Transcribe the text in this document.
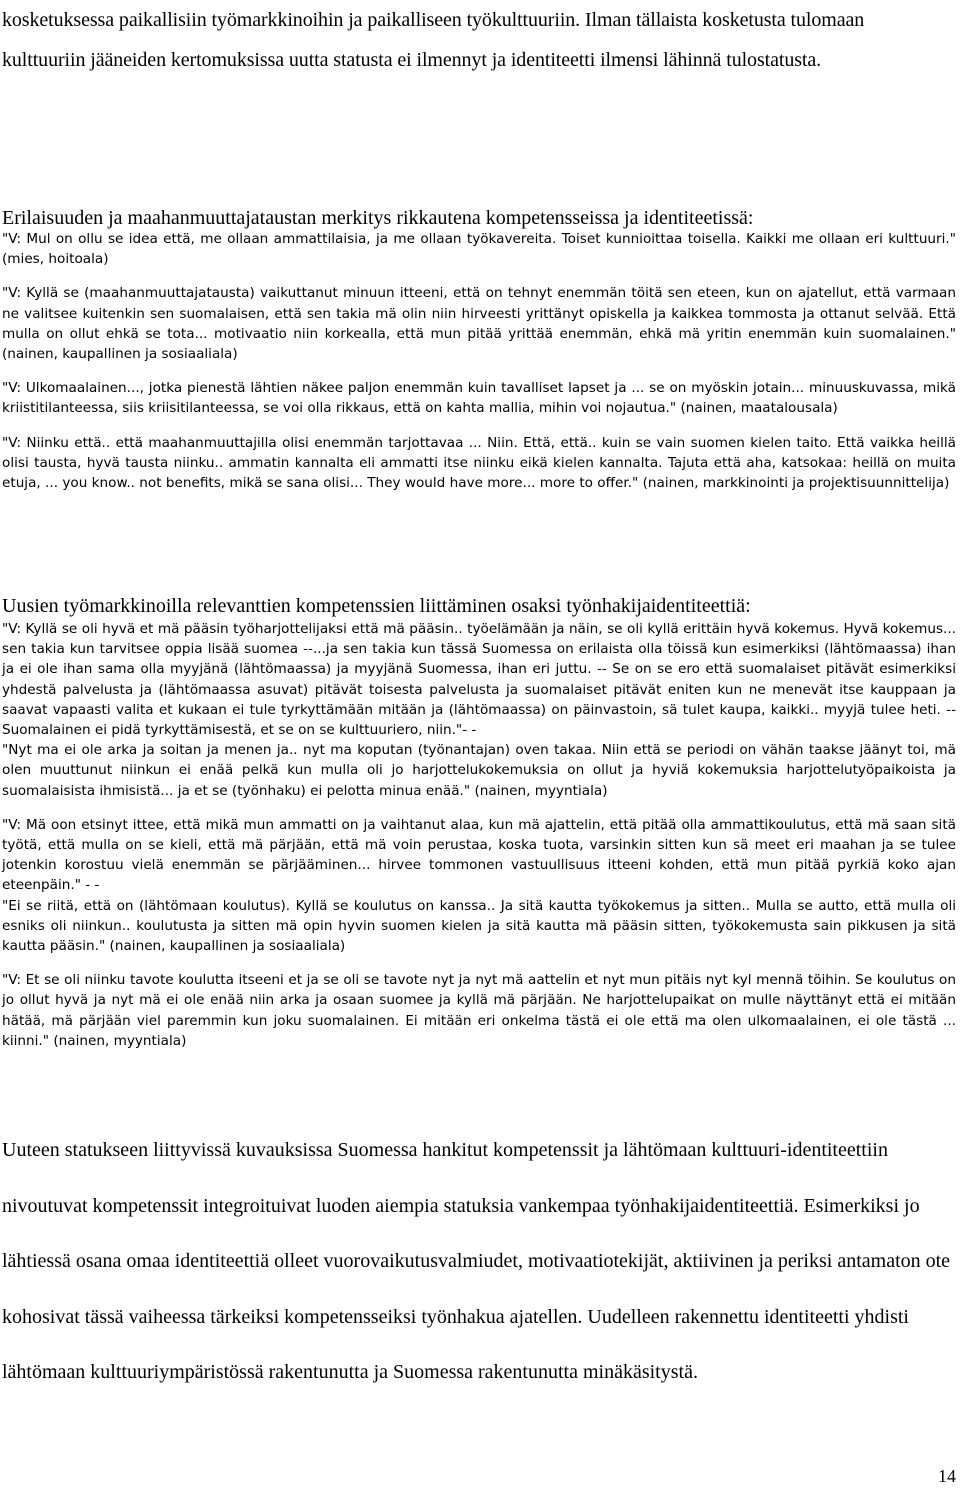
kosketuksessa paikallisiin työmarkkinoihin ja paikalliseen työkulttuuriin. Ilman tällaista kosketusta tulomaan kulttuuriin jääneiden kertomuksissa uutta statusta ei ilmennyt ja identiteetti ilmensi lähinnä tulostatusta.

Erilaisuuden ja maahanmuuttajataustan merkitys rikkautena kompetensseissa ja identiteetissä:

"V: Mul on ollu se idea että, me ollaan ammattilaisia, ja me ollaan työkavereita. Toiset kunnioittaa toisella. Kaikki me ollaan eri kulttuuri." (mies, hoitoala)

"V: Kyllä se (maahanmuuttajatausta) vaikuttanut minuun itteeni, että on tehnyt enemmän töitä sen eteen, kun on ajatellut, että varmaan ne valitsee kuitenkin sen suomalaisen, että sen takia mä olin niin hirveesti yrittänyt opiskella ja kaikkea tommosta ja ottanut selvää. Että mulla on ollut ehkä se tota... motivaatio niin korkealla, että mun pitää yrittää enemmän, ehkä mä yritin enemmän kuin suomalainen." (nainen, kaupallinen ja sosiaaliala)

"V: Ulkomaalainen..., jotka pienestä lähtien näkee paljon enemmän kuin tavalliset lapset ja ... se on myöskin jotain... minuuskuvassa, mikä kriistitilanteessa, siis kriisitilanteessa, se voi olla rikkaus, että on kahta mallia, mihin voi nojautua." (nainen, maatalousala)

"V: Niinku että.. että maahanmuuttajilla olisi enemmän tarjottavaa ... Niin. Että, että.. kuin se vain suomen kielen taito. Että vaikka heillä olisi tausta, hyvä tausta niinku.. ammatin kannalta eli ammatti itse niinku eikä kielen kannalta. Tajuta että aha, katsokaa: heillä on muita etuja, ... you know.. not benefits, mikä se sana olisi... They would have more... more to offer." (nainen, markkinointi ja projektisuunnittelija)

Uusien työmarkkinoilla relevanttien kompetenssien liittäminen osaksi työnhakijaidentiteettiä:

"V: Kyllä se oli hyvä et mä pääsin työharjottelijaksi että mä pääsin.. työelämään ja näin, se oli kyllä erittäin hyvä kokemus. Hyvä kokemus... sen takia kun tarvitsee oppia lisää suomea --...ja sen takia kun tässä Suomessa on erilaista olla töissä kun esimerkiksi (lähtömaassa) ihan ja ei ole ihan sama olla myyjänä (lähtömaassa) ja myyjänä Suomessa, ihan eri juttu. -- Se on se ero että suomalaiset pitävät esimerkiksi yhdestä palvelusta ja (lähtömaassa asuvat) pitävät toisesta palvelusta ja suomalaiset pitävät eniten kun ne menevät itse kauppaan ja saavat vapaasti valita et kukaan ei tule tyrkyttämään mitään ja (lähtömaassa) on päinvastoin, sä tulet kaupa, kaikki.. myyjä tulee heti. -- Suomalainen ei pidä tyrkyttämisestä, et se on se kulttuuriero, niin."- -
"Nyt ma ei ole arka ja soitan ja menen ja.. nyt ma koputan (työnantajan) oven takaa. Niin että se periodi on vähän taakse jäänyt toi, mä olen muuttunut niinkun ei enää pelkä kun mulla oli jo harjottelukokemuksia on ollut ja hyviä kokemuksia harjottelutyöpaikoista ja suomalaisista ihmisistä... ja et se (työnhaku) ei pelotta minua enää." (nainen, myyntiala)

"V: Mä oon etsinyt ittee, että mikä mun ammatti on ja vaihtanut alaa, kun mä ajattelin, että pitää olla ammattikoulutus, että mä saan sitä työtä, että mulla on se kieli, että mä pärjään, että mä voin perustaa, koska tuota, varsinkin sitten kun sä meet eri maahan ja se tulee jotenkin korostuu vielä enemmän se pärjääminen... hirvee tommonen vastuullisuus itteeni kohden, että mun pitää pyrkiä koko ajan eteenpäin." - -
"Ei se riitä, että on (lähtömaan koulutus). Kyllä se koulutus on kanssa.. Ja sitä kautta työkokemus ja sitten.. Mulla se autto, että mulla oli esniks oli niinkun.. koulutusta ja sitten mä opin hyvin suomen kielen ja sitä kautta mä pääsin sitten, työkokemusta sain pikkusen ja sitä kautta pääsin." (nainen, kaupallinen ja sosiaaliala)

"V: Et se oli niinku tavote koulutta itseeni et ja se oli se tavote nyt ja nyt mä aattelin et nyt mun pitäis nyt kyl mennä töihin. Se koulutus on jo ollut hyvä ja nyt mä ei ole enää niin arka ja osaan suomee ja kyllä mä pärjään. Ne harjottelupaikat on mulle näyttänyt että ei mitään hätää, mä pärjään viel paremmin kun joku suomalainen. Ei mitään eri onkelma tästä ei ole että ma olen ulkomaalainen, ei ole tästä ... kiinni." (nainen, myyntiala)

Uuteen statukseen liittyvissä kuvauksissa Suomessa hankitut kompetenssit ja lähtömaan kulttuuri-identiteettiin nivoutuvat kompetenssit integroituivat luoden aiempia statuksia vankempaa työnhakijaidentiteettiä. Esimerkiksi jo lähtiessä osana omaa identiteettiä olleet vuorovaikutusvalmiudet, motivaatiotekijät, aktiivinen ja periksi antamaton ote kohosivat tässä vaiheessa tärkeiksi kompetensseiksi työnhakua ajatellen. Uudelleen rakennettu identiteetti yhdisti lähtömaan kulttuuriympäristössä rakentunutta ja Suomessa rakentunutta minäkäsitystä.

14
